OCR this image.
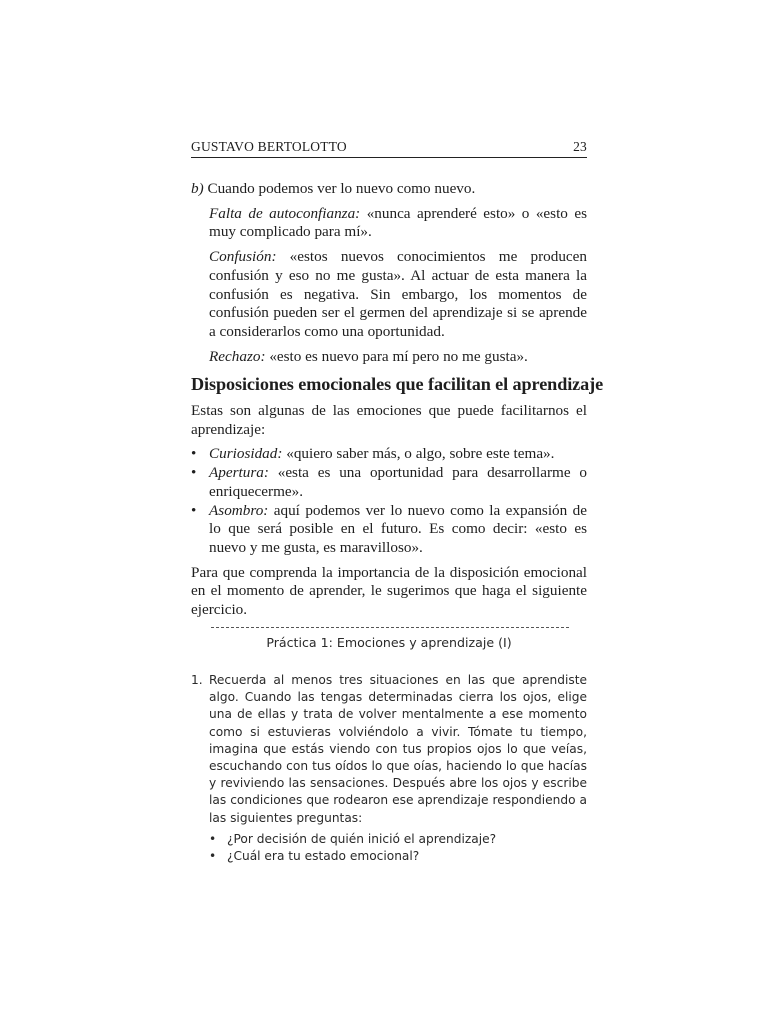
GUSTAVO BERTOLOTTO	23

b) Cuando podemos ver lo nuevo como nuevo.

Falta de autoconfianza: «nunca aprenderé esto» o «esto es muy complicado para mí».

Confusión: «estos nuevos conocimientos me producen confusión y eso no me gusta». Al actuar de esta manera la confusión es negativa. Sin embargo, los momentos de confusión pueden ser el germen del aprendizaje si se aprende a considerarlos como una oportunidad.

Rechazo: «esto es nuevo para mí pero no me gusta».

Disposiciones emocionales que facilitan el aprendizaje

Estas son algunas de las emociones que puede facilitarnos el aprendizaje:

• Curiosidad: «quiero saber más, o algo, sobre este tema».
• Apertura: «esta es una oportunidad para desarrollarme o enriquecerme».
• Asombro: aquí podemos ver lo nuevo como la expansión de lo que será posible en el futuro. Es como decir: «esto es nuevo y me gusta, es maravilloso».

Para que comprenda la importancia de la disposición emocional en el momento de aprender, le sugerimos que haga el siguiente ejercicio.

Práctica 1: Emociones y aprendizaje (I)
1. Recuerda al menos tres situaciones en las que aprendiste algo. Cuando las tengas determinadas cierra los ojos, elige una de ellas y trata de volver mentalmente a ese momento como si estuvieras volviéndolo a vivir. Tómate tu tiempo, imagina que estás viendo con tus propios ojos lo que veías, escuchando con tus oídos lo que oías, haciendo lo que hacías y reviviendo las sensaciones. Después abre los ojos y escribe las condiciones que rodearon ese aprendizaje respondiendo a las siguientes preguntas:
• ¿Por decisión de quién inició el aprendizaje?
• ¿Cuál era tu estado emocional?
